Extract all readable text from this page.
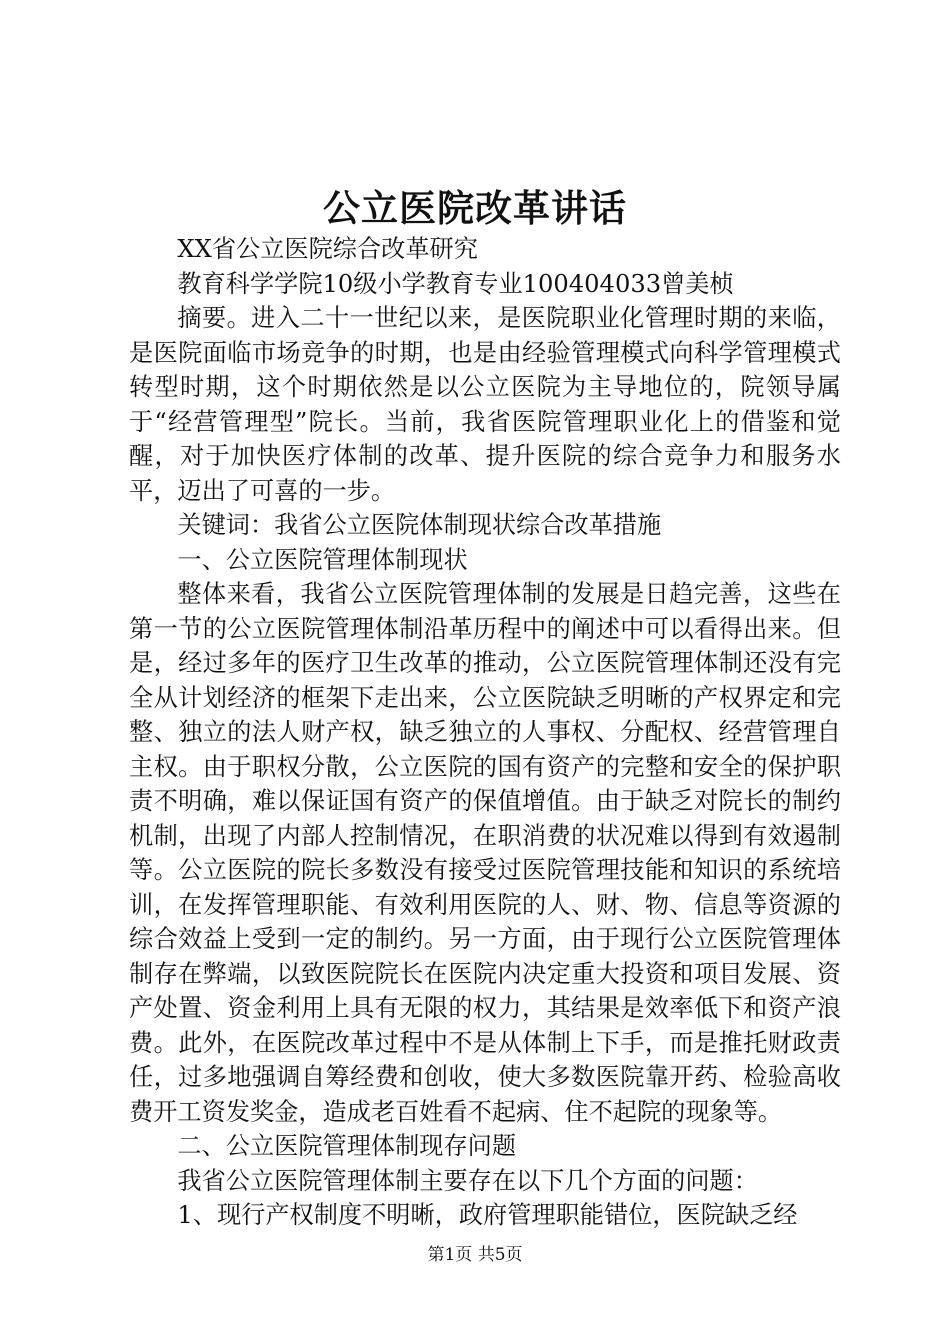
公立医院改革讲话

XX省公立医院综合改革研究

教育科学学院10级小学教育专业100404033曾美桢

摘要。进入二十一世纪以来，是医院职业化管理时期的来临，是医院面临市场竞争的时期，也是由经验管理模式向科学管理模式转型时期，这个时期依然是以公立医院为主导地位的，院领导属于“经营管理型”院长。当前，我省医院管理职业化上的借鉴和觉醒，对于加快医疗体制的改革、提升医院的综合竞争力和服务水平，迈出了可喜的一步。

关键词：我省公立医院体制现状综合改革措施

一、公立医院管理体制现状

整体来看，我省公立医院管理体制的发展是日趋完善，这些在第一节的公立医院管理体制沿革历程中的阐述中可以看得出来。但是，经过多年的医疗卫生改革的推动，公立医院管理体制还没有完全从计划经济的框架下走出来，公立医院缺乏明晰的产权界定和完整、独立的法人财产权，缺乏独立的人事权、分配权、经营管理自主权。由于职权分散，公立医院的国有资产的完整和安全的保护职责不明确，难以保证国有资产的保值增值。由于缺乏对院长的制约机制，出现了内部人控制情况，在职消费的状况难以得到有效遏制等。公立医院的院长多数没有接受过医院管理技能和知识的系统培训，在发挥管理职能、有效利用医院的人、财、物、信息等资源的综合效益上受到一定的制约。另一方面，由于现行公立医院管理体制存在弊端，以致医院院长在医院内决定重大投资和项目发展、资产处置、资金利用上具有无限的权力，其结果是效率低下和资产浪费。此外，在医院改革过程中不是从体制上下手，而是推托财政责任，过多地强调自筹经费和创收，使大多数医院靠开药、检验高收费开工资发奖金，造成老百姓看不起病、住不起院的现象等。

二、公立医院管理体制现存问题

我省公立医院管理体制主要存在以下几个方面的问题：

1、现行产权制度不明晰，政府管理职能错位，医院缺乏经

第1页 共5页
